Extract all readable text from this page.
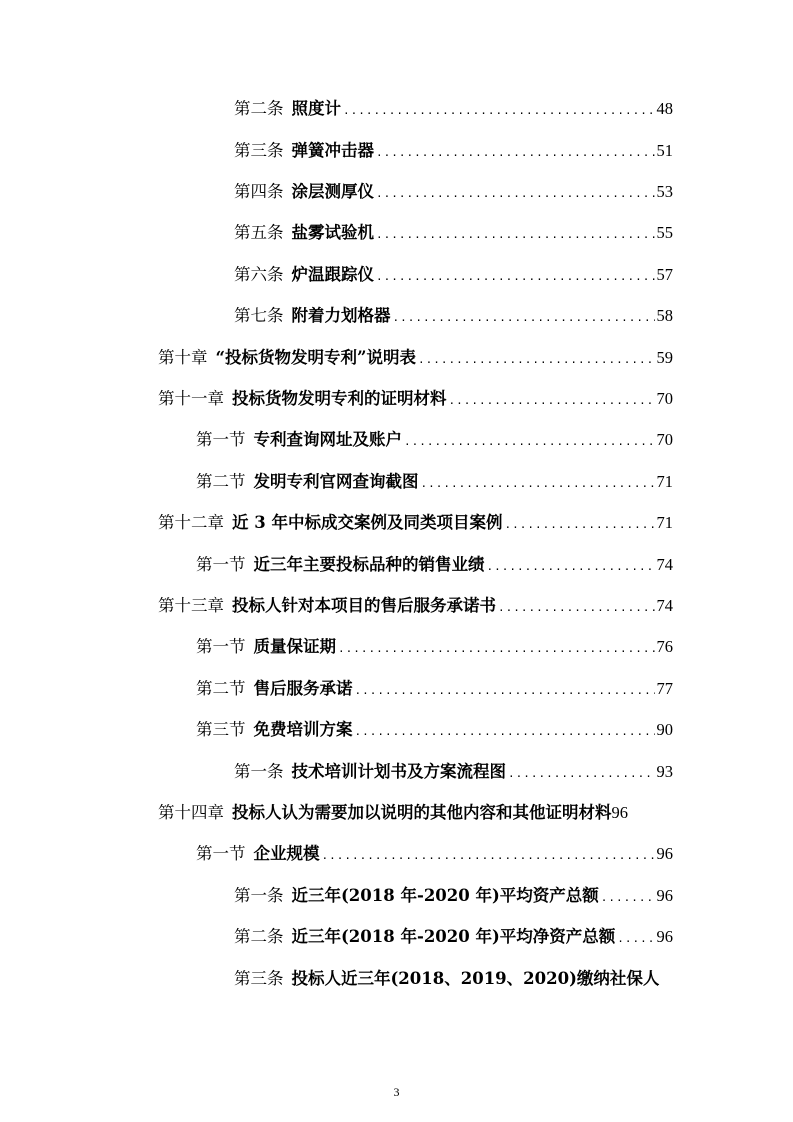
第二条 照度计 .....	48
第三条 弹簧冲击器 .....	51
第四条 涂层测厚仪 .....	53
第五条 盐雾试验机 .....	55
第六条 炉温跟踪仪 .....	57
第七条 附着力划格器 .....	58
第十章 “投标货物发明专利”说明表 .....	59
第十一章 投标货物发明专利的证明材料 .....	70
第一节 专利查询网址及账户 .....	70
第二节 发明专利官网查询截图 .....	71
第十二章 近 3 年中标成交案例及同类项目案例 .....	71
第一节 近三年主要投标品种的销售业绩 .....	74
第十三章 投标人针对本项目的售后服务承诺书 .....	74
第一节 质量保证期 .....	76
第二节 售后服务承诺 .....	77
第三节 免费培训方案 .....	90
第一条 技术培训计划书及方案流程图 .....	93
第十四章 投标人认为需要加以说明的其他内容和其他证明材料 96
第一节 企业规模 .....	96
第一条 近三年(2018 年-2020 年)平均资产总额 .....	96
第二条 近三年(2018 年-2020 年)平均净资产总额 ..... 96
第三条 投标人近三年(2018、2019、2020)缴纳社保人
3
